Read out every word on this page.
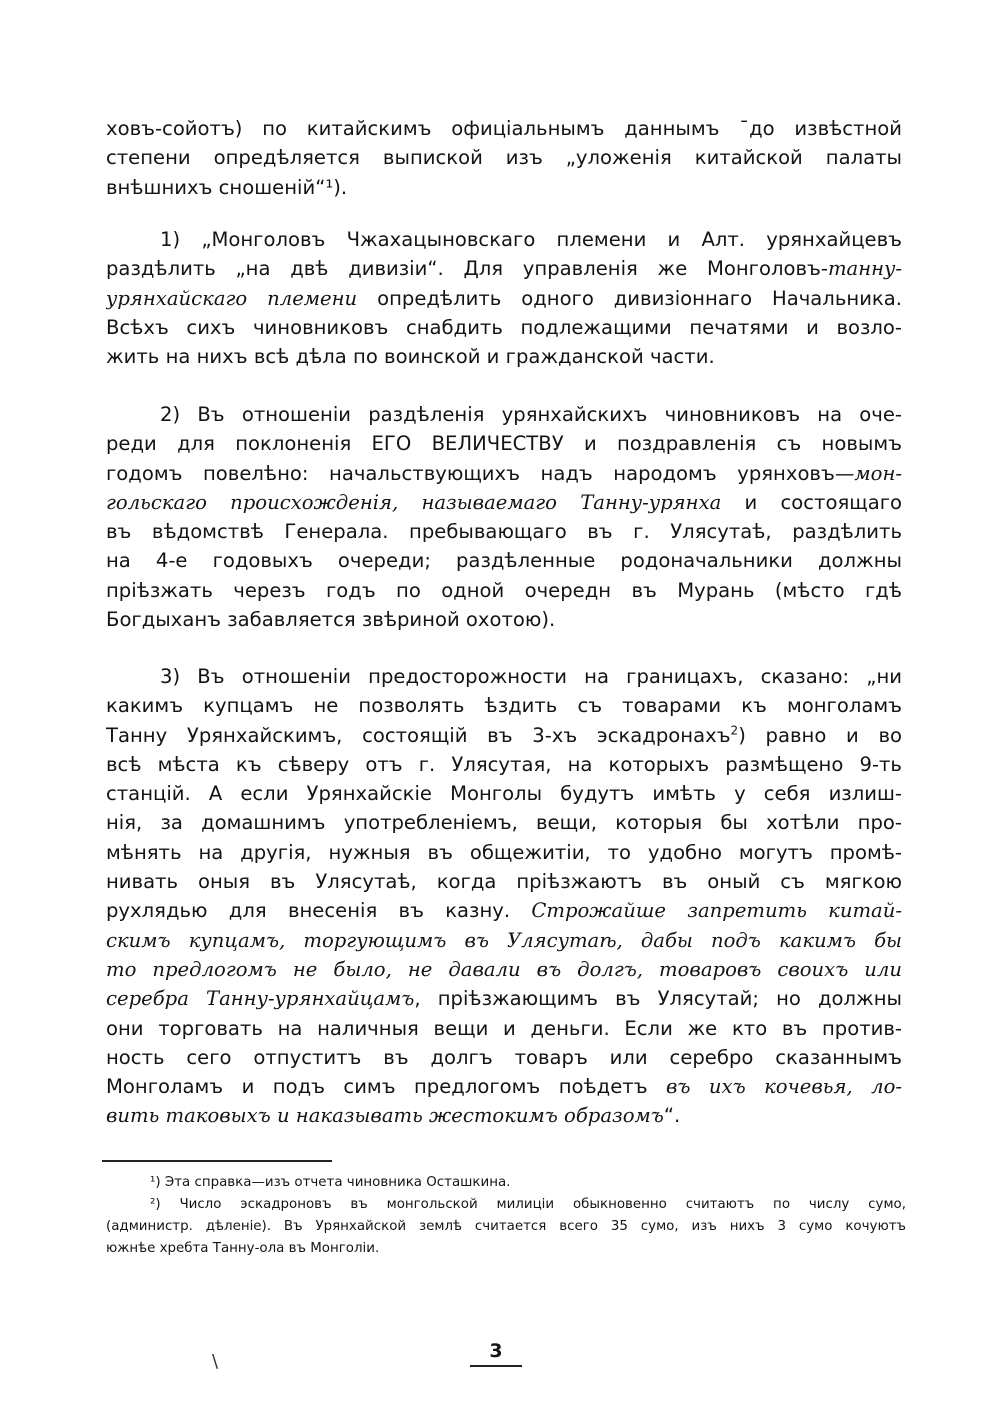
ховъ-сойотъ) по китайскимъ офиціальнымъ даннымъ ˉдо извѣстной
степени опредѣляется выпиской изъ „уложенія китайской палаты
внѣшнихъ сношеній“¹).
1) „Монголовъ Чжахацыновскаго племени и Алт. урянхайцевъ
раздѣлить „на двѣ дивизіи“. Для управленія же Монголовъ-танну-
урянхайскаго племени опредѣлить одного дивизіоннаго Начальника.
Всѣхъ сихъ чиновниковъ снабдить подлежащими печатями и возло-
жить на нихъ всѣ дѣла по воинской и гражданской части.
2) Въ отношеніи раздѣленія урянхайскихъ чиновниковъ на оче-
реди для поклоненія ЕГО ВЕЛИЧЕСТВУ и поздравленія съ новымъ
годомъ повелѣно: начальствующихъ надъ народомъ урянховъ—мон-
гольскаго происхожденія, называемаго Танну-урянха и состоящаго
въ вѣдомствѣ Генерала. пребывающаго въ г. Улясутаѣ, раздѣлить
на 4-е годовыхъ очереди; раздѣленные родоначальники должны
пріѣзжать черезъ годъ по одной очередн въ Мурань (мѣсто гдѣ
Богдыханъ забавляется звѣриной охотою).
3) Въ отношеніи предосторожности на границахъ, сказано: „ни
какимъ купцамъ не позволять ѣздить съ товарами къ монголамъ
Танну Урянхайскимъ, состоящій въ 3-хъ эскадронахъ$^2$) равно и во
всѣ мѣста къ сѣверу отъ г. Улясутая, на которыхъ размѣщено 9-ть
станцій. А если Урянхайскіе Монголы будутъ имѣть у себя излиш-
нія, за домашнимъ употребленіемъ, вещи, которыя бы хотѣли про-
мѣнять на другія, нужныя въ общежитіи, то удобно могутъ промѣ-
нивать оныя въ Улясутаѣ, когда пріѣзжаютъ въ оный съ мягкою
рухлядью для внесенія въ казну. Строжайше запретить китай-
скимъ купцамъ, торгующимъ въ Улясутаѣ, дабы подъ какимъ бы
то предлогомъ не было, не давали въ долгъ, товаровъ своихъ или
серебра Танну-урянхайцамъ, пріѣзжающимъ въ Улясутай; но должны
они торговать на наличныя вещи и деньги. Если же кто въ против-
ность сего отпуститъ въ долгъ товаръ или серебро сказаннымъ
Монголамъ и подъ симъ предлогомъ поѣдетъ въ ихъ кочевья, ло-
вить таковыхъ и наказывать жестокимъ образомъ“.
¹) Эта справка—изъ отчета чиновника Осташкина.
²) Число эскадроновъ въ монгольской милиціи обыкновенно считаютъ по числу сумо,
(администр. дѣленіе). Въ Урянхайской землѣ считается всего 35 сумо, изъ нихъ 3 сумо кочуютъ
южнѣе хребта Танну-ола въ Монголіи.
\	3
